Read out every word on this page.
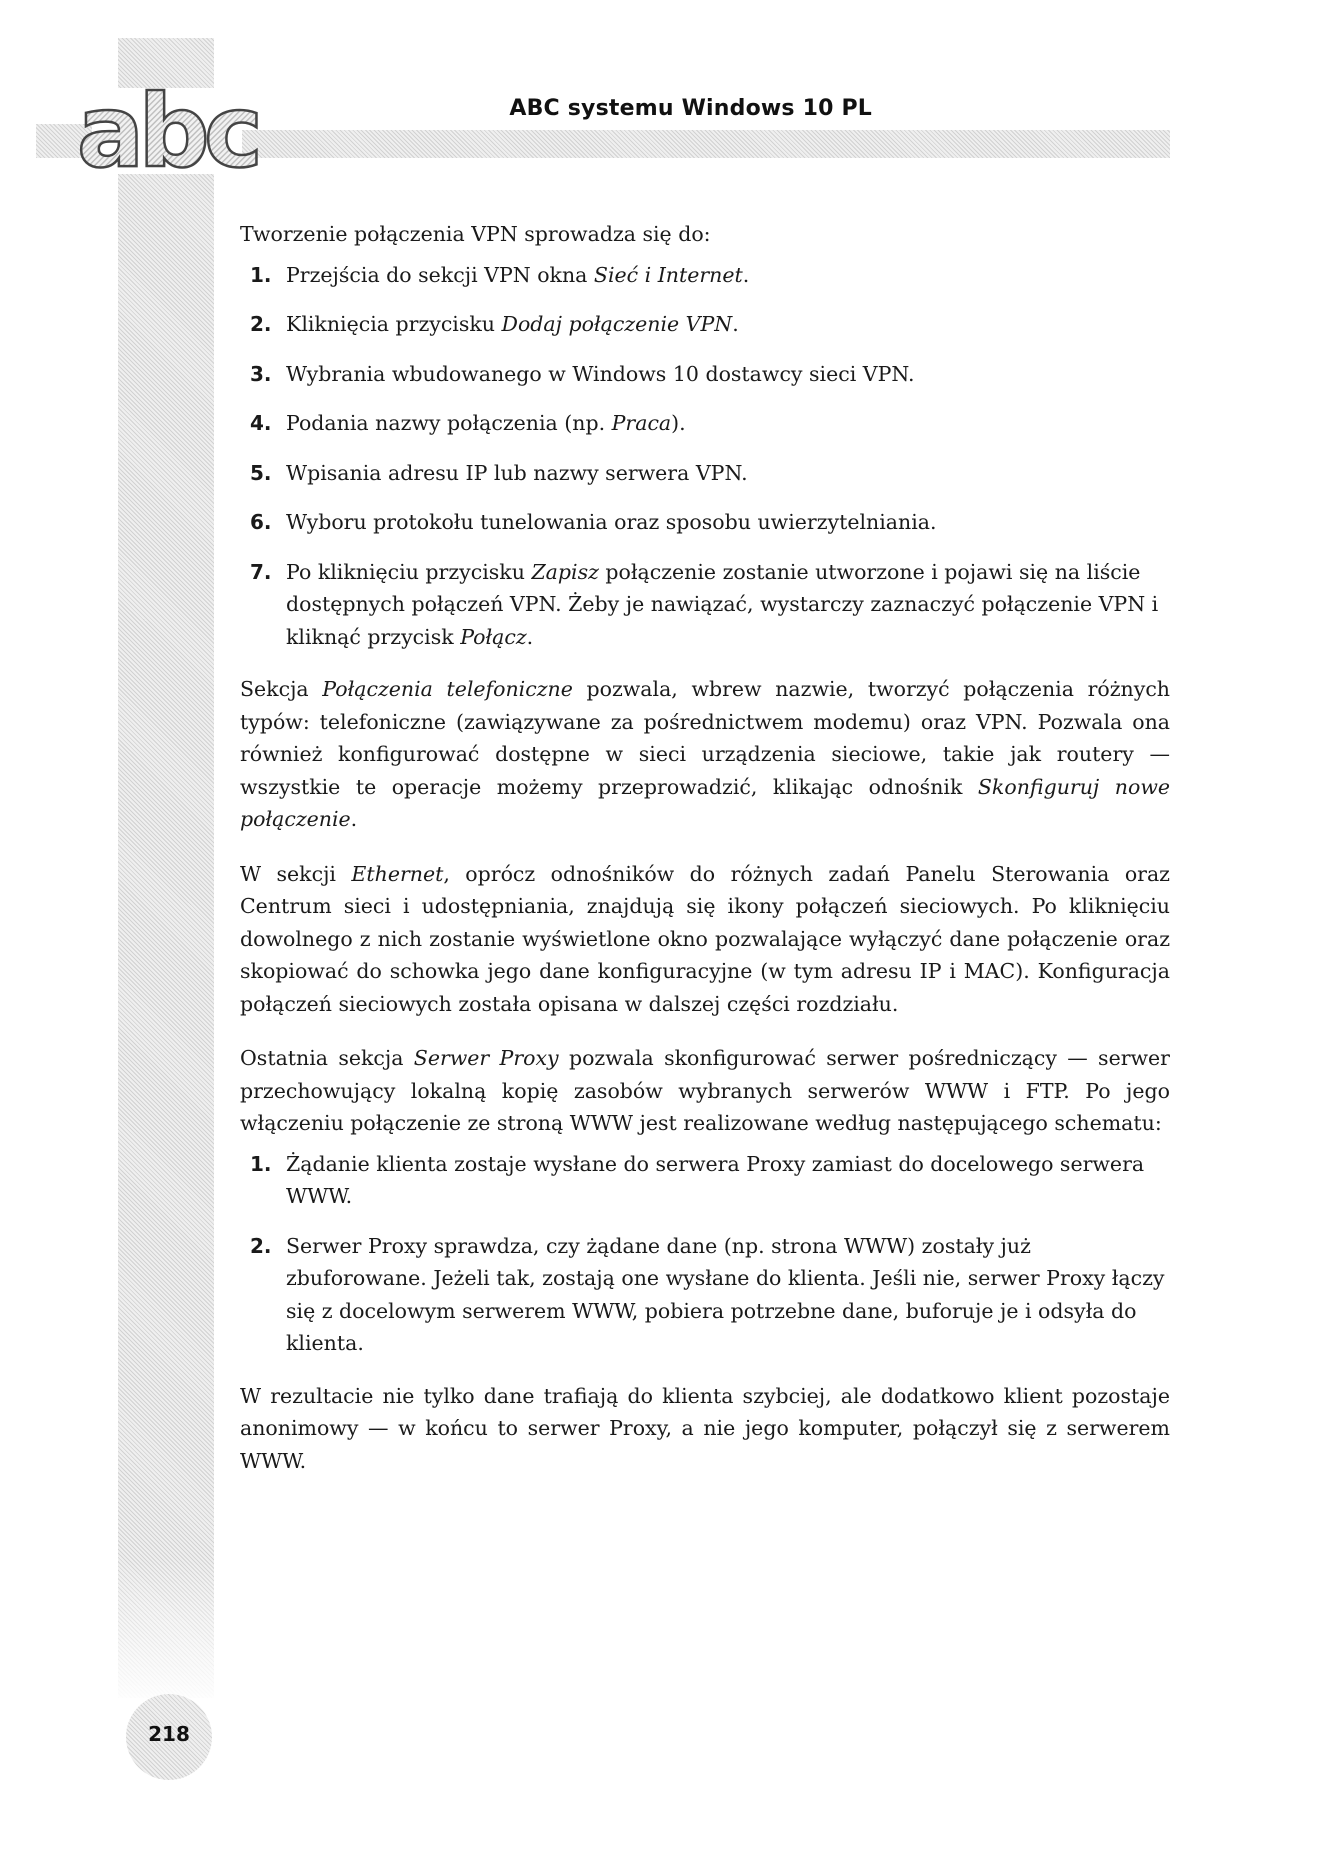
abc	ABC systemu Windows 10 PL

Tworzenie połączenia VPN sprowadza się do:

1. Przejścia do sekcji VPN okna Sieć i Internet.
2. Kliknięcia przycisku Dodaj połączenie VPN.
3. Wybrania wbudowanego w Windows 10 dostawcy sieci VPN.
4. Podania nazwy połączenia (np. Praca).
5. Wpisania adresu IP lub nazwy serwera VPN.
6. Wyboru protokołu tunelowania oraz sposobu uwierzytelniania.
7. Po kliknięciu przycisku Zapisz połączenie zostanie utworzone i pojawi się na liście dostępnych połączeń VPN. Żeby je nawiązać, wystarczy zaznaczyć połączenie VPN i kliknąć przycisk Połącz.

Sekcja Połączenia telefoniczne pozwala, wbrew nazwie, tworzyć połączenia różnych typów: telefoniczne (zawiązywane za pośrednictwem modemu) oraz VPN. Pozwala ona również konfigurować dostępne w sieci urządzenia sieciowe, takie jak routery — wszystkie te operacje możemy przeprowadzić, klikając odnośnik Skonfiguruj nowe połączenie.

W sekcji Ethernet, oprócz odnośników do różnych zadań Panelu Sterowania oraz Centrum sieci i udostępniania, znajdują się ikony połączeń sieciowych. Po kliknięciu dowolnego z nich zostanie wyświetlone okno pozwalające wyłączyć dane połączenie oraz skopiować do schowka jego dane konfiguracyjne (w tym adresu IP i MAC). Konfiguracja połączeń sieciowych została opisana w dalszej części rozdziału.

Ostatnia sekcja Serwer Proxy pozwala skonfigurować serwer pośredniczący — serwer przechowujący lokalną kopię zasobów wybranych serwerów WWW i FTP. Po jego włączeniu połączenie ze stroną WWW jest realizowane według następującego schematu:

1. Żądanie klienta zostaje wysłane do serwera Proxy zamiast do docelowego serwera WWW.
2. Serwer Proxy sprawdza, czy żądane dane (np. strona WWW) zostały już zbuforowane. Jeżeli tak, zostają one wysłane do klienta. Jeśli nie, serwer Proxy łączy się z docelowym serwerem WWW, pobiera potrzebne dane, buforuje je i odsyła do klienta.

W rezultacie nie tylko dane trafiają do klienta szybciej, ale dodatkowo klient pozostaje anonimowy — w końcu to serwer Proxy, a nie jego komputer, połączył się z serwerem WWW.

218
